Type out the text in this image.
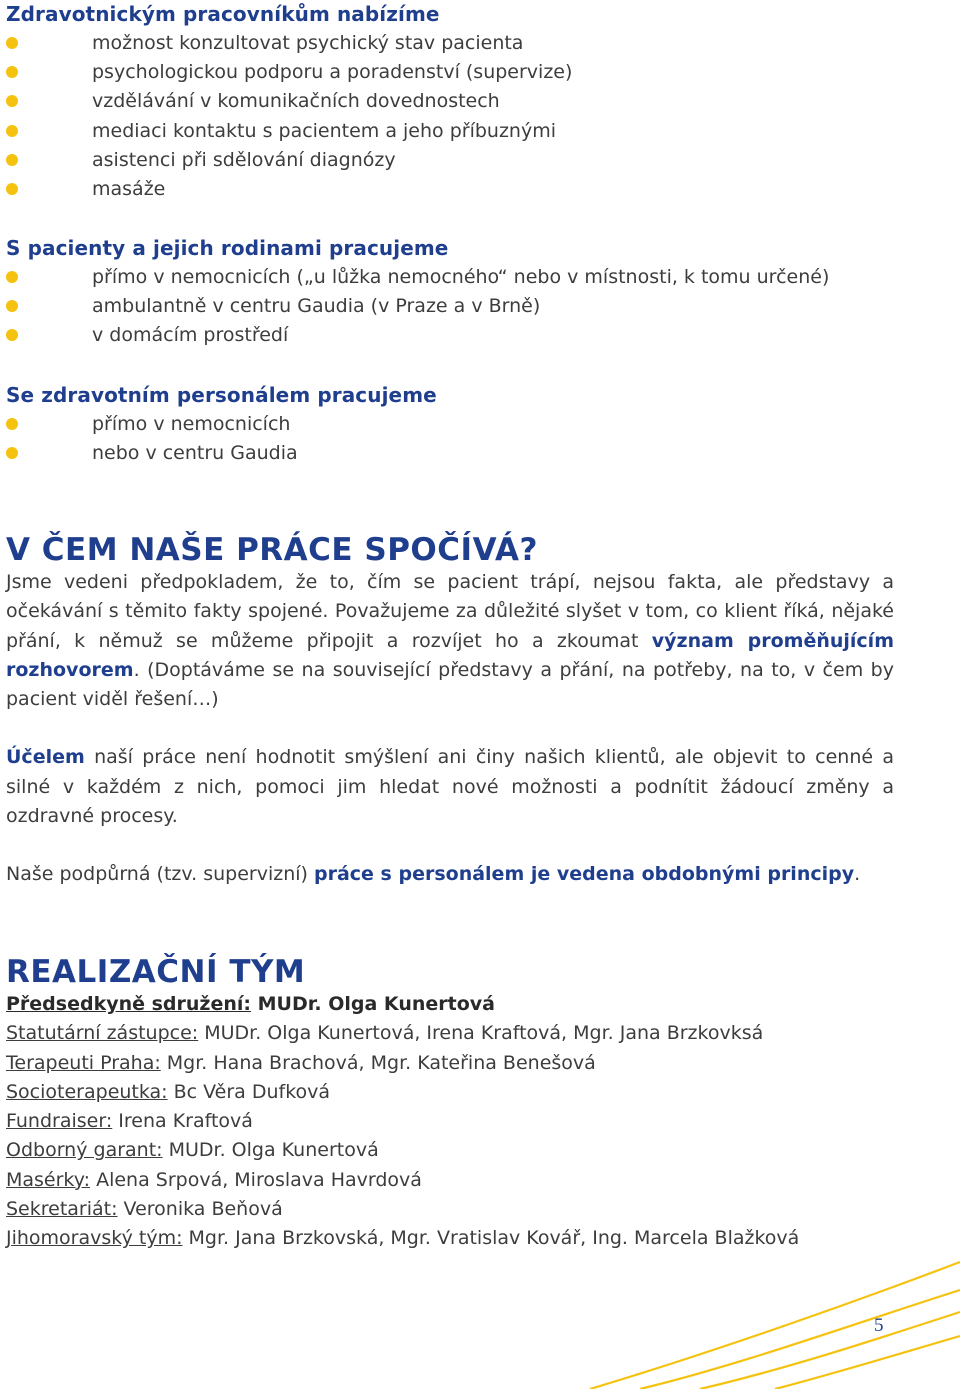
Zdravotnickým pracovníkům nabízíme
možnost konzultovat psychický stav pacienta
psychologickou podporu a poradenství (supervize)
vzdělávání v komunikačních dovednostech
mediaci kontaktu s pacientem a jeho příbuznými
asistenci při sdělování diagnózy
masáže
S pacienty a jejich rodinami pracujeme
přímo v nemocnicích („u lůžka nemocného“ nebo v místnosti, k tomu určené)
ambulantně v centru Gaudia (v Praze a v Brně)
v domácím prostředí
Se zdravotním personálem pracujeme
přímo v nemocnicích
nebo v centru Gaudia
V ČEM NAŠE PRÁCE SPOČÍVÁ?

Jsme vedeni předpokladem, že to, čím se pacient trápí, nejsou fakta, ale představy a očekávání s těmito fakty spojené. Považujeme za důležité slyšet v tom, co klient říká, nějaké přání, k němuž se můžeme připojit a rozvíjet ho a zkoumat význam proměňujícím rozhovorem. (Doptáváme se na související představy a přání, na potřeby, na to, v čem by pacient viděl řešení…)

Účelem naší práce není hodnotit smýšlení ani činy našich klientů, ale objevit to cenné a silné v každém z nich, pomoci jim hledat nové možnosti a podnítit žádoucí změny a ozdravné procesy.

Naše podpůrná (tzv. supervizní) práce s personálem je vedena obdobnými principy.

REALIZAČNÍ TÝM
Předsedkyně sdružení: MUDr. Olga Kunertová
Statutární zástupce: MUDr. Olga Kunertová, Irena Kraftová, Mgr. Jana Brzkovksá
Terapeuti Praha: Mgr. Hana Brachová, Mgr. Kateřina Benešová
Socioterapeutka: Bc Věra Dufková
Fundraiser: Irena Kraftová
Odborný garant: MUDr. Olga Kunertová
Masérky: Alena Srpová, Miroslava Havrdová
Sekretariát: Veronika Beňová
Jihomoravský tým: Mgr. Jana Brzkovská, Mgr. Vratislav Kovář, Ing. Marcela Blažková
5
